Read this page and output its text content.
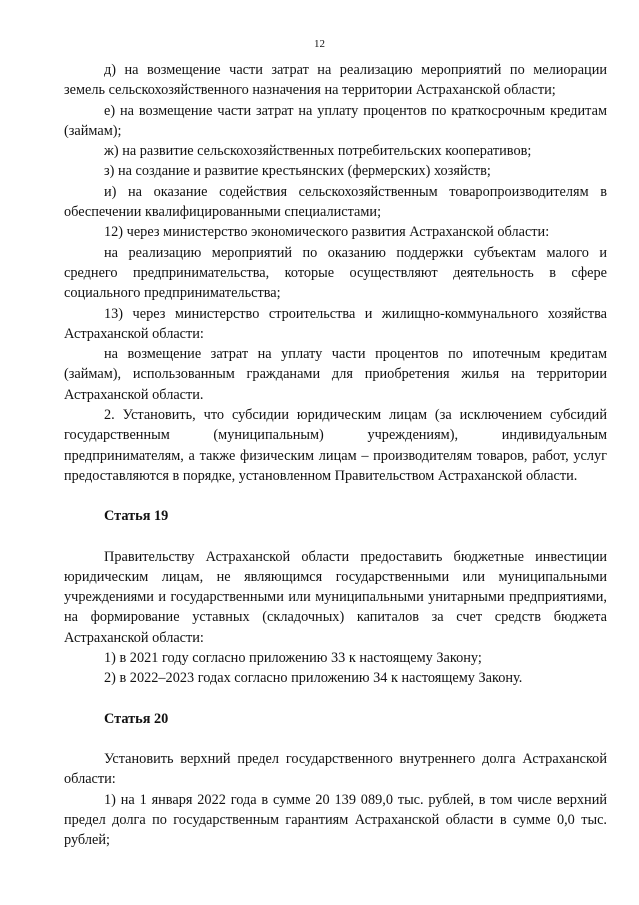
12

д) на возмещение части затрат на реализацию мероприятий по мелиорации земель сельскохозяйственного назначения на территории Астраханской области;

е) на возмещение части затрат на уплату процентов по краткосрочным кредитам (займам);

ж) на развитие сельскохозяйственных потребительских кооперативов;

з) на создание и развитие крестьянских (фермерских) хозяйств;

и) на оказание содействия сельскохозяйственным товаропроизводителям в обеспечении квалифицированными специалистами;

12) через министерство экономического развития Астраханской области:

на реализацию мероприятий по оказанию поддержки субъектам малого и среднего предпринимательства, которые осуществляют деятельность в сфере социального предпринимательства;

13) через министерство строительства и жилищно-коммунального хозяйства Астраханской области:

на возмещение затрат на уплату части процентов по ипотечным кредитам (займам), использованным гражданами для приобретения жилья на территории Астраханской области.

2. Установить, что субсидии юридическим лицам (за исключением субсидий государственным (муниципальным) учреждениям), индивидуальным предпринимателям, а также физическим лицам – производителям товаров, работ, услуг предоставляются в порядке, установленном Правительством Астраханской области.

Статья 19

Правительству Астраханской области предоставить бюджетные инвестиции юридическим лицам, не являющимся государственными или муниципальными учреждениями и государственными или муниципальными унитарными предприятиями, на формирование уставных (складочных) капиталов за счет средств бюджета Астраханской области:

1) в 2021 году согласно приложению 33 к настоящему Закону;

2) в 2022–2023 годах согласно приложению 34 к настоящему Закону.

Статья 20

Установить верхний предел государственного внутреннего долга Астраханской области:

1) на 1 января 2022 года в сумме 20 139 089,0 тыс. рублей, в том числе верхний предел долга по государственным гарантиям Астраханской области в сумме 0,0 тыс. рублей;
